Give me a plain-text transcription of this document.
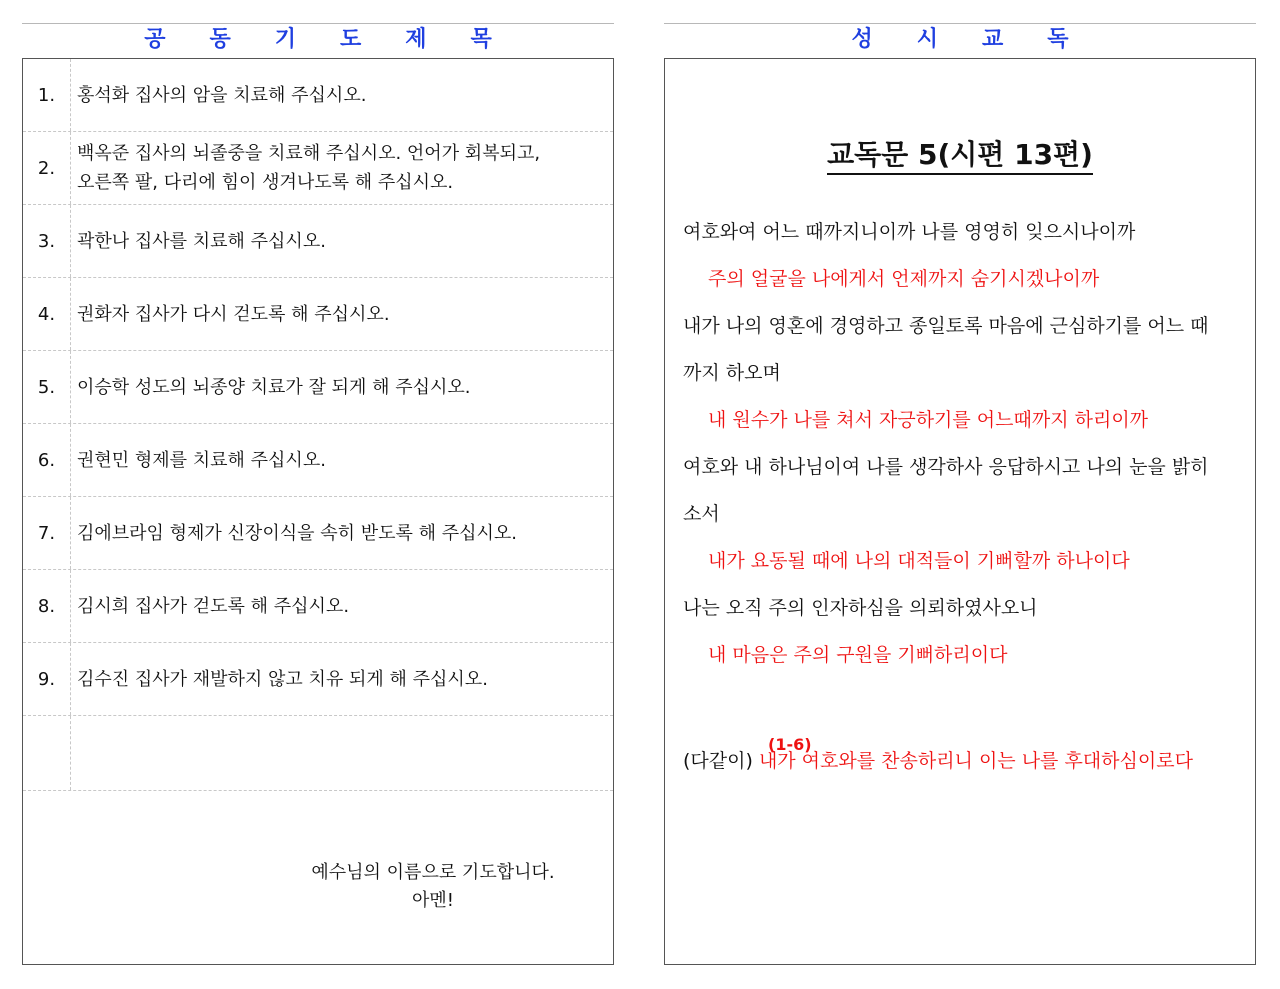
공동기도제목
1.	홍석화 집사의 암을 치료해 주십시오.
2.
백옥준 집사의 뇌졸중을 치료해 주십시오. 언어가 회복되고,
오른쪽 팔, 다리에 힘이 생겨나도록 해 주십시오.
3.	곽한나 집사를 치료해 주십시오.
4.	권화자 집사가 다시 걷도록 해 주십시오.
5.	이승학 성도의 뇌종양 치료가 잘 되게 해 주십시오.
6.	권현민 형제를 치료해 주십시오.
7.	김에브라임 형제가 신장이식을 속히 받도록 해 주십시오.
8.	김시희 집사가 걷도록 해 주십시오.
9.	김수진 집사가 재발하지 않고 치유 되게 해 주십시오.
예수님의 이름으로 기도합니다.
아멘!
성시교독
교독문 5(시편 13편)
여호와여 어느 때까지니이까 나를 영영히 잊으시나이까
주의 얼굴을 나에게서 언제까지 숨기시겠나이까
내가 나의 영혼에 경영하고 종일토록 마음에 근심하기를 어느 때
까지 하오며
내 원수가 나를 쳐서 자긍하기를 어느때까지 하리이까
여호와 내 하나님이여 나를 생각하사 응답하시고 나의 눈을 밝히
소서
내가 요동될 때에 나의 대적들이 기뻐할까 하나이다
나는 오직 주의 인자하심을 의뢰하였사오니
내 마음은 주의 구원을 기뻐하리이다
(다같이) 내가 여호와를 찬송하리니 이는 나를 후대하심이로다
(1-6)
